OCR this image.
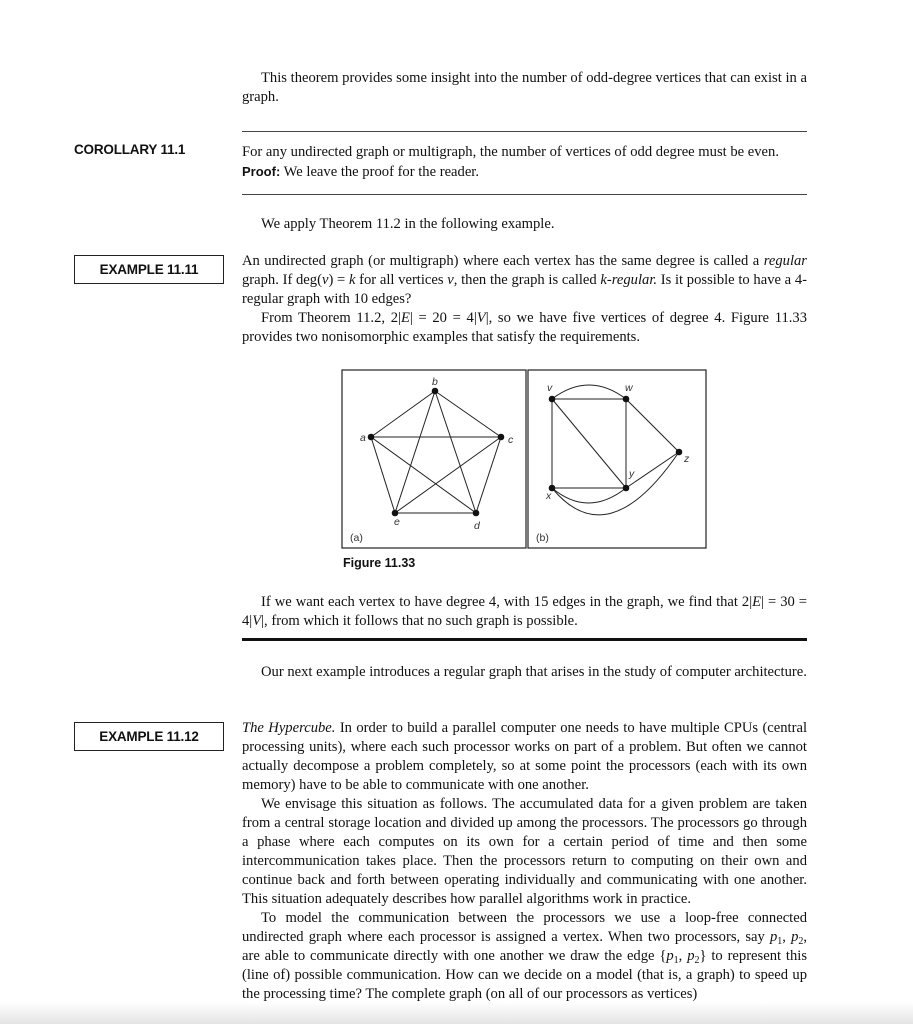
This theorem provides some insight into the number of odd-degree vertices that can exist in a graph.
COROLLARY 11.1	For any undirected graph or multigraph, the number of vertices of odd degree must be even.
Proof: We leave the proof for the reader.
We apply Theorem 11.2 in the following example.
EXAMPLE 11.11
An undirected graph (or multigraph) where each vertex has the same degree is called a regular graph. If deg(v) = k for all vertices v, then the graph is called k-regular. Is it possible to have a 4-regular graph with 10 edges?
From Theorem 11.2, 2|E| = 20 = 4|V|, so we have five vertices of degree 4. Figure 11.33 provides two nonisomorphic examples that satisfy the requirements.
b
c
d
e
a
(a)
v	w
x
y
z
(b)
Figure 11.33
If we want each vertex to have degree 4, with 15 edges in the graph, we find that 2|E| = 30 = 4|V|, from which it follows that no such graph is possible.
Our next example introduces a regular graph that arises in the study of computer architecture.
EXAMPLE 11.12
The Hypercube. In order to build a parallel computer one needs to have multiple CPUs (central processing units), where each such processor works on part of a problem. But often we cannot actually decompose a problem completely, so at some point the processors (each with its own memory) have to be able to communicate with one another.
We envisage this situation as follows. The accumulated data for a given problem are taken from a central storage location and divided up among the processors. The processors go through a phase where each computes on its own for a certain period of time and then some intercommunication takes place. Then the processors return to computing on their own and continue back and forth between operating individually and communicating with one another. This situation adequately describes how parallel algorithms work in practice.
To model the communication between the processors we use a loop-free connected undirected graph where each processor is assigned a vertex. When two processors, say $p_1$, $p_2$, are able to communicate directly with one another we draw the edge {$p_1$, $p_2$} to represent this (line of) possible communication. How can we decide on a model (that is, a graph) to speed up the processing time? The complete graph (on all of our processors as vertices)
